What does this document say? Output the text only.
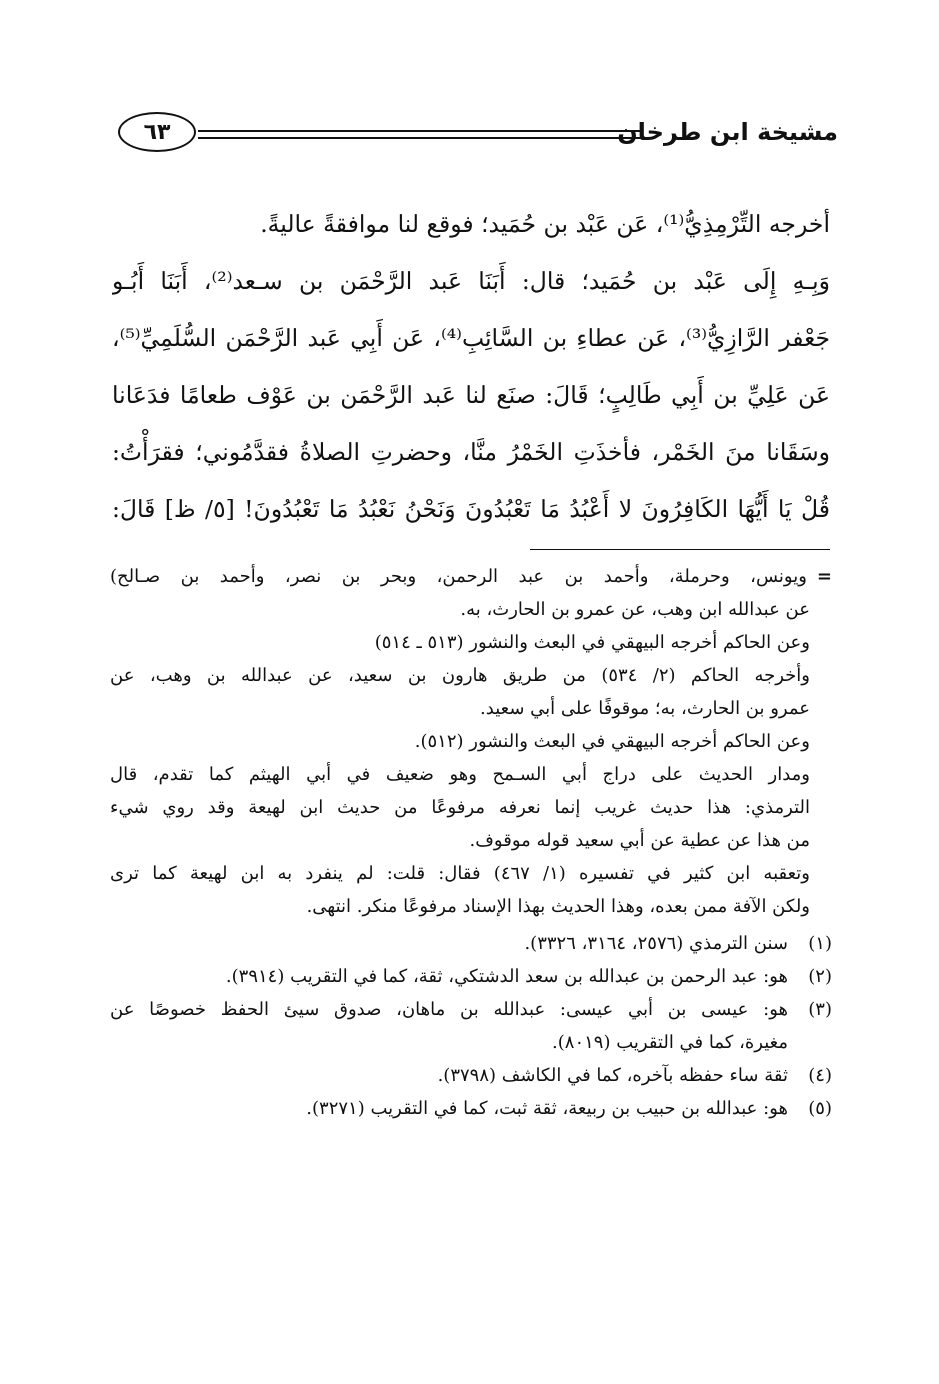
مشيخة ابن طرخان
٦٣
أخرجه التِّرْمِذِيُّ⁽¹⁾، عَن عَبْد بن حُمَيد؛ فوقع لنا موافقةً عاليةً.
وَبِـهِ إِلَى عَبْد بن حُمَيد؛ قال: أَبَنَا عَبد الرَّحْمَن بن سـعد⁽²⁾، أَبَنَا أَبُـو
جَعْفر الرَّازِيُّ⁽³⁾، عَن عطاءِ بن السَّائِبِ⁽⁴⁾، عَن أَبِي عَبد الرَّحْمَن السُّلَمِيِّ⁽⁵⁾،
عَن عَلِيِّ بن أَبِي طَالِبٍ؛ قَالَ: صنَع لنا عَبد الرَّحْمَن بن عَوْف طعامًا فدَعَانا
وسَقَانا منَ الخَمْر، فأخذَتِ الخَمْرُ منَّا، وحضرتِ الصلاةُ فقدَّمُوني؛ فقرَأْتُ:
قُلْ يَا أَيُّهَا الكَافِرُونَ لا أَعْبُدُ مَا تَعْبُدُونَ وَنَحْنُ نَعْبُدُ مَا تَعْبُدُونَ! [٥/ ظ] قَالَ:
=ويونس، وحرملة، وأحمد بن عبد الرحمن، وبحر بن نصر، وأحمد بن صـالح)
عن عبدالله ابن وهب، عن عمرو بن الحارث، به.
وعن الحاكم أخرجه البيهقي في البعث والنشور (٥١٣ ـ ٥١٤)
وأخرجه الحاكم (٢/ ٥٣٤) من طريق هارون بن سعيد، عن عبدالله بن وهب، عن
عمرو بن الحارث، به؛ موقوفًا على أبي سعيد.
وعن الحاكم أخرجه البيهقي في البعث والنشور (٥١٢).
ومدار الحديث على دراج أبي السـمح وهو ضعيف في أبي الهيثم كما تقدم، قال
الترمذي: هذا حديث غريب إنما نعرفه مرفوعًا من حديث ابن لهيعة وقد روي شيء
من هذا عن عطية عن أبي سعيد قوله موقوف.
وتعقبه ابن كثير في تفسيره (١/ ٤٦٧) فقال: قلت: لم ينفرد به ابن لهيعة كما ترى
ولكن الآفة ممن بعده، وهذا الحديث بهذا الإسناد مرفوعًا منكر. انتهى.
(١)
سنن الترمذي (٢٥٧٦، ٣١٦٤، ٣٣٢٦).
(٢)
هو: عبد الرحمن بن عبدالله بن سعد الدشتكي، ثقة، كما في التقريب (٣٩١٤).
(٣)
هو: عيسى بن أبي عيسى: عبدالله بن ماهان، صدوق سيئ الحفظ خصوصًا عن
مغيرة، كما في التقريب (٨٠١٩).
(٤)
ثقة ساء حفظه بآخره، كما في الكاشف (٣٧٩٨).
(٥)
هو: عبدالله بن حبيب بن ربيعة، ثقة ثبت، كما في التقريب (٣٢٧١).
